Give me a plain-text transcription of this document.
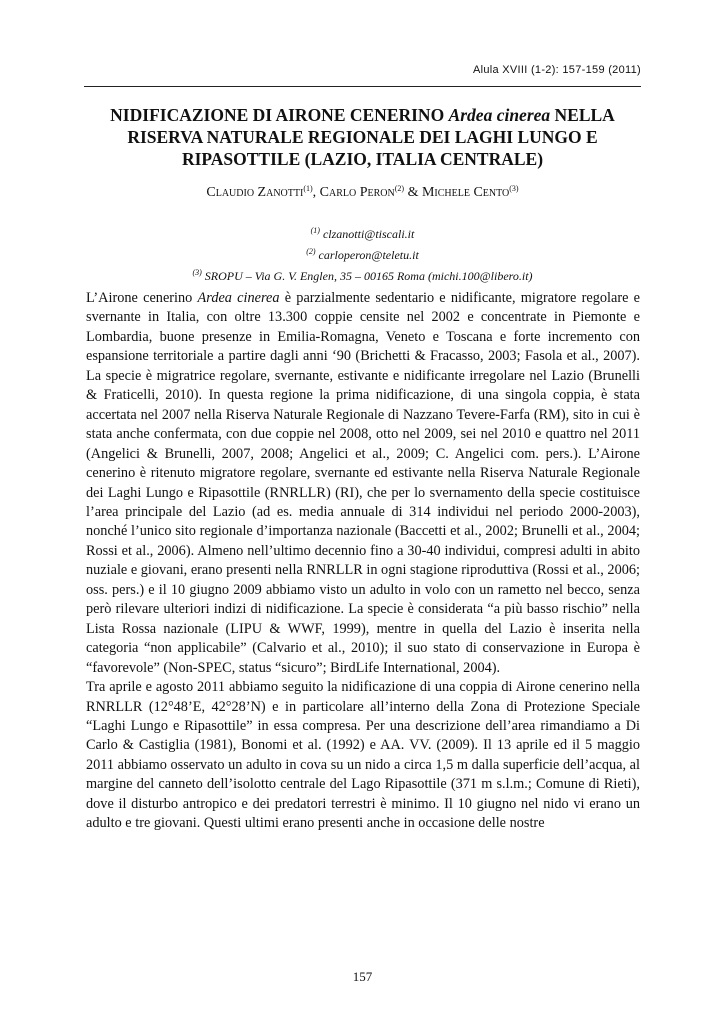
Alula XVIII (1-2): 157-159 (2011)
NIDIFICAZIONE DI AIRONE CENERINO Ardea cinerea NELLA RISERVA NATURALE REGIONALE DEI LAGHI LUNGO E RIPASOTTILE (LAZIO, ITALIA CENTRALE)
Claudio Zanotti$^{(1)}$, Carlo Peron$^{(2)}$ & Michele Cento$^{(3)}$
$^{(1)}$ clzanotti@tiscali.it
$^{(2)}$ carloperon@teletu.it
$^{(3)}$ SROPU – Via G. V. Englen, 35 – 00165 Roma (michi.100@libero.it)

L’Airone cenerino Ardea cinerea è parzialmente sedentario e nidificante, migratore regolare e svernante in Italia, con oltre 13.300 coppie censite nel 2002 e concentrate in Piemonte e Lombardia, buone presenze in Emilia-Romagna, Veneto e Toscana e forte incremento con espansione territoriale a partire dagli anni ‘90 (Brichetti & Fracasso, 2003; Fasola et al., 2007). La specie è migratrice regolare, svernante, estivante e nidificante irregolare nel Lazio (Brunelli & Fraticelli, 2010). In questa regione la prima nidificazione, di una singola coppia, è stata accertata nel 2007 nella Riserva Naturale Regionale di Nazzano Tevere-Farfa (RM), sito in cui è stata anche confermata, con due coppie nel 2008, otto nel 2009, sei nel 2010 e quattro nel 2011 (Angelici & Brunelli, 2007, 2008; Angelici et al., 2009; C. Angelici com. pers.). L’Airone cenerino è ritenuto migratore regolare, svernante ed estivante nella Riserva Naturale Regionale dei Laghi Lungo e Ripasottile (RNRLLR) (RI), che per lo svernamento della specie costituisce l’area principale del Lazio (ad es. media annuale di 314 individui nel periodo 2000-2003), nonché l’unico sito regionale d’importanza nazionale (Baccetti et al., 2002; Brunelli et al., 2004; Rossi et al., 2006). Almeno nell’ultimo decennio fino a 30-40 individui, compresi adulti in abito nuziale e giovani, erano presenti nella RNRLLR in ogni stagione riproduttiva (Rossi et al., 2006; oss. pers.) e il 10 giugno 2009 abbiamo visto un adulto in volo con un rametto nel becco, senza però rilevare ulteriori indizi di nidificazione. La specie è considerata “a più basso rischio” nella Lista Rossa nazionale (LIPU & WWF, 1999), mentre in quella del Lazio è inserita nella categoria “non applicabile” (Calvario et al., 2010); il suo stato di conservazione in Europa è “favorevole” (Non-SPEC, status “sicuro”; BirdLife International, 2004).

Tra aprile e agosto 2011 abbiamo seguito la nidificazione di una coppia di Airone cenerino nella RNRLLR (12°48’E, 42°28’N) e in particolare all’interno della Zona di Protezione Speciale “Laghi Lungo e Ripasottile” in essa compresa. Per una descrizione dell’area rimandiamo a Di Carlo & Castiglia (1981), Bonomi et al. (1992) e AA. VV. (2009). Il 13 aprile ed il 5 maggio 2011 abbiamo osservato un adulto in cova su un nido a circa 1,5 m dalla superficie dell’acqua, al margine del canneto dell’isolotto centrale del Lago Ripasottile (371 m s.l.m.; Comune di Rieti), dove il disturbo antropico e dei predatori terrestri è minimo. Il 10 giugno nel nido vi erano un adulto e tre giovani. Questi ultimi erano presenti anche in occasione delle nostre

157
